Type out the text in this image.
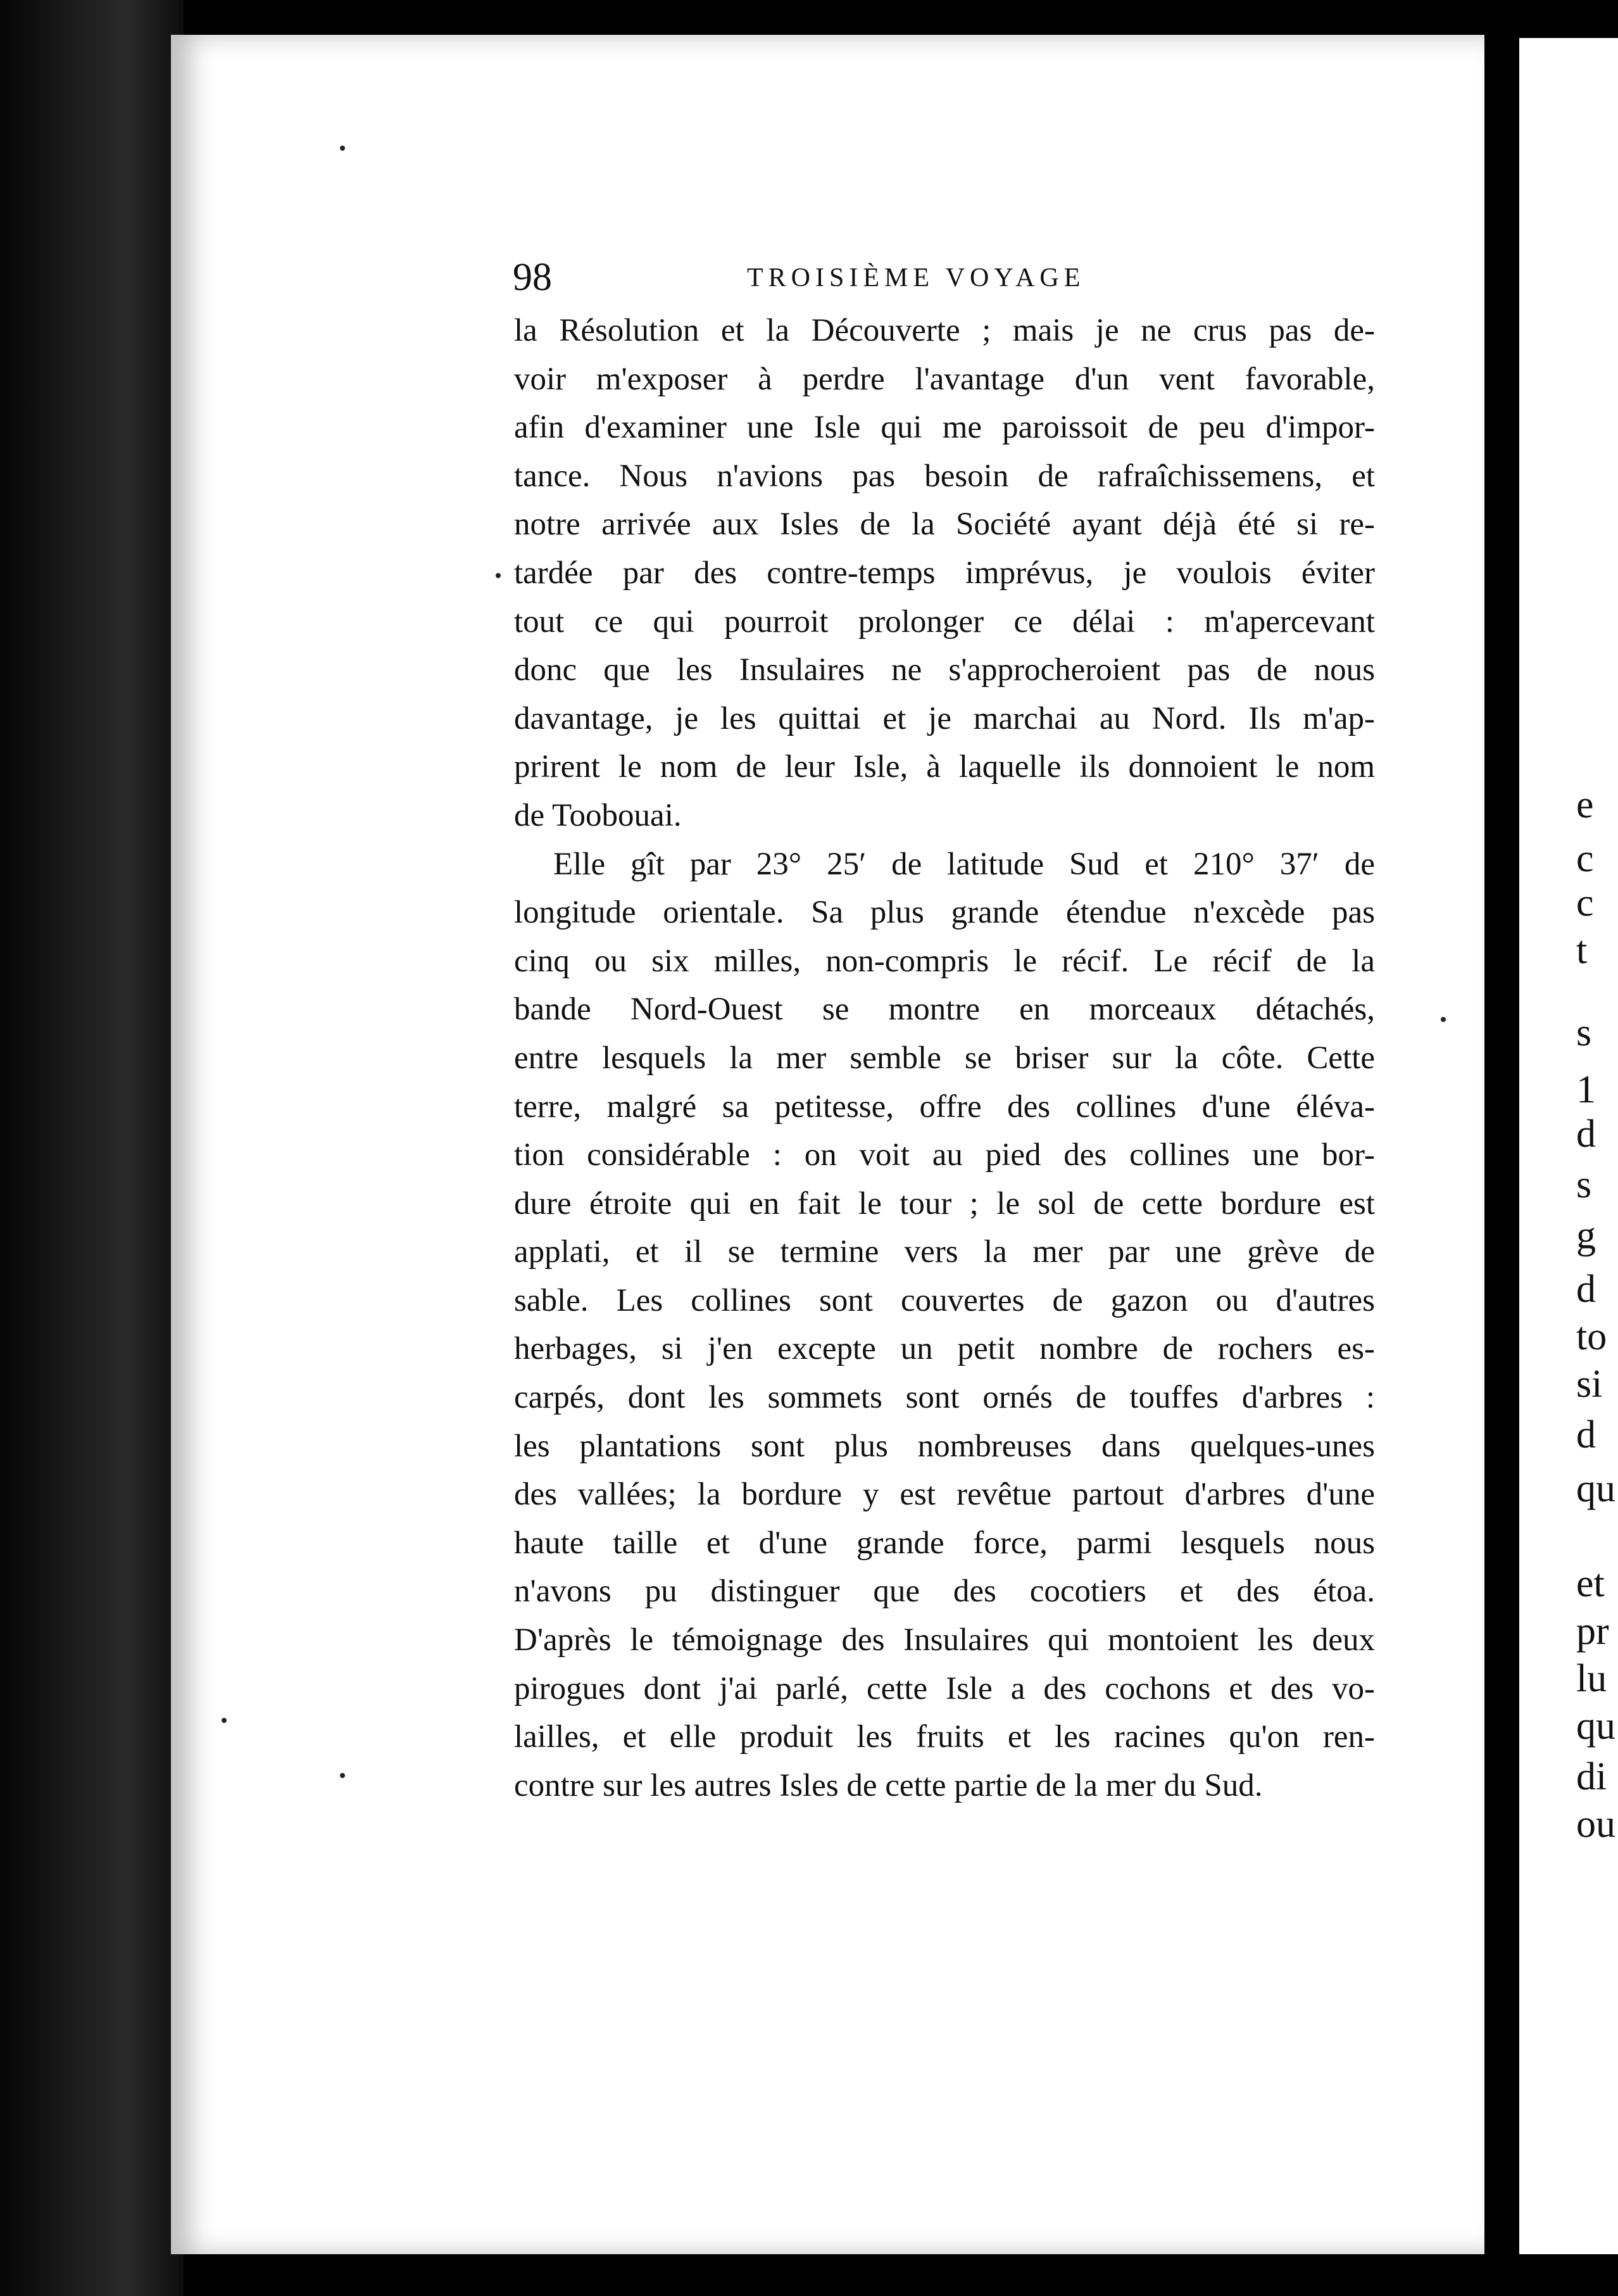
e
c
c
t
s
1
d
s
g
d
to
si
d
qu
et
pr
lu
qu
di
ou
98	TROISIÈME VOYAGE
la Résolution et la Découverte ; mais je ne crus pas de-
voir m'exposer à perdre l'avantage d'un vent favorable,
afin d'examiner une Isle qui me paroissoit de peu d'impor-
tance. Nous n'avions pas besoin de rafraîchissemens, et
notre arrivée aux Isles de la Société ayant déjà été si re-
tardée par des contre-temps imprévus, je voulois éviter
tout ce qui pourroit prolonger ce délai : m'apercevant
donc que les Insulaires ne s'approcheroient pas de nous
davantage, je les quittai et je marchai au Nord. Ils m'ap-
prirent le nom de leur Isle, à laquelle ils donnoient le nom
de Toobouai.
Elle gît par 23° 25′ de latitude Sud et 210° 37′ de
longitude orientale. Sa plus grande étendue n'excède pas
cinq ou six milles, non-compris le récif. Le récif de la
bande Nord-Ouest se montre en morceaux détachés,
entre lesquels la mer semble se briser sur la côte. Cette
terre, malgré sa petitesse, offre des collines d'une éléva-
tion considérable : on voit au pied des collines une bor-
dure étroite qui en fait le tour ; le sol de cette bordure est
applati, et il se termine vers la mer par une grève de
sable. Les collines sont couvertes de gazon ou d'autres
herbages, si j'en excepte un petit nombre de rochers es-
carpés, dont les sommets sont ornés de touffes d'arbres :
les plantations sont plus nombreuses dans quelques-unes
des vallées; la bordure y est revêtue partout d'arbres d'une
haute taille et d'une grande force, parmi lesquels nous
n'avons pu distinguer que des cocotiers et des étoa.
D'après le témoignage des Insulaires qui montoient les deux
pirogues dont j'ai parlé, cette Isle a des cochons et des vo-
lailles, et elle produit les fruits et les racines qu'on ren-
contre sur les autres Isles de cette partie de la mer du Sud.
